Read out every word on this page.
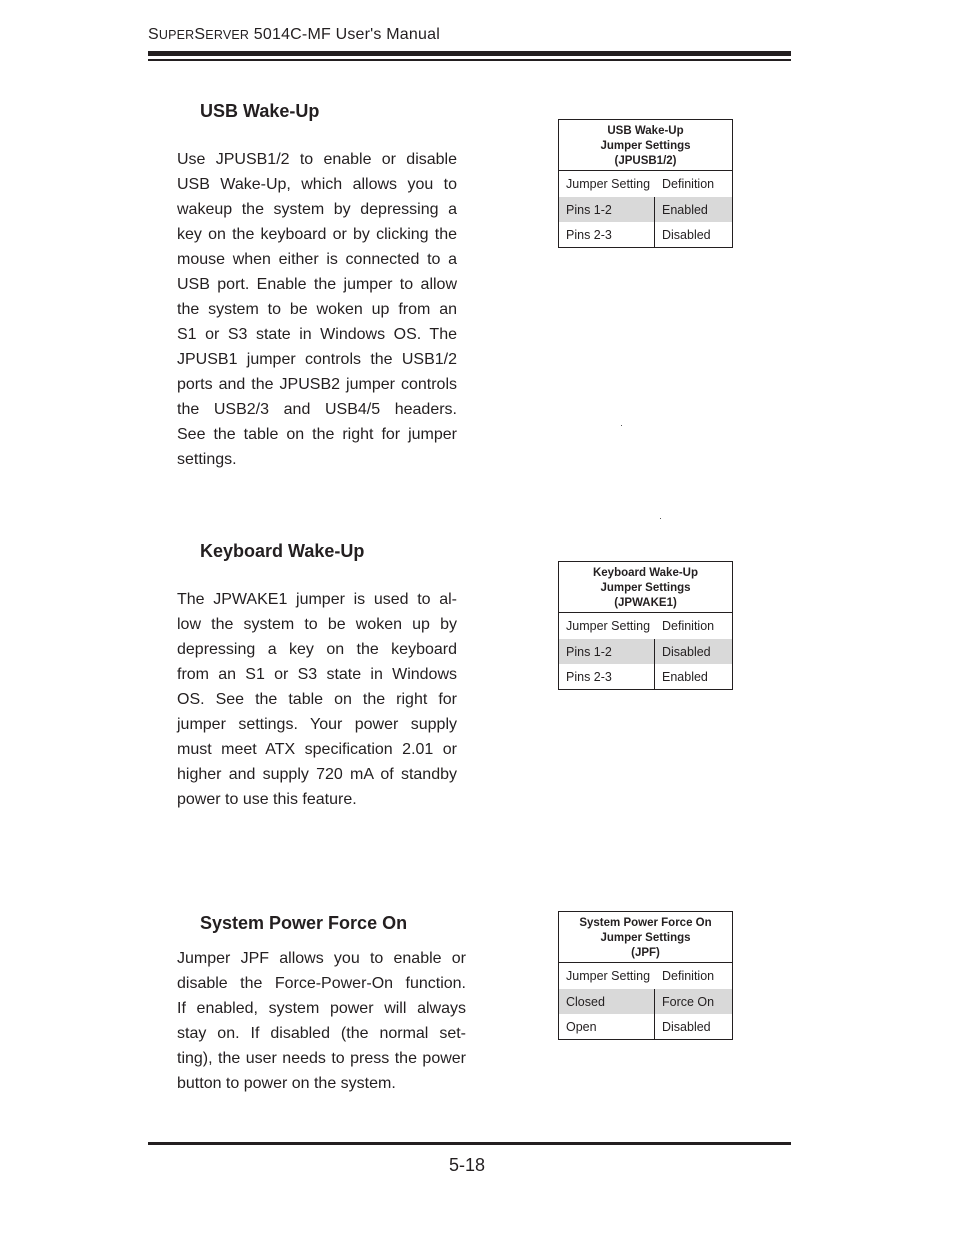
SUPERSERVER 5014C-MF User's Manual
USB Wake-Up
Use JPUSB1/2 to enable or disable
USB Wake-Up, which allows you to
wakeup the system by depressing a
key on the keyboard or by clicking the
mouse when either is connected to a
USB port. Enable the jumper to allow
the system to be woken up from an
S1 or S3 state in Windows OS. The
JPUSB1 jumper controls the USB1/2
ports and the JPUSB2 jumper controls
the USB2/3 and USB4/5 headers.
See the table on the right for jumper
settings.
USB Wake-Up
Jumper Settings
(JPUSB1/2)
Jumper Setting Definition
Pins 1-2	Enabled
Pins 2-3	Disabled
Keyboard Wake-Up
The JPWAKE1 jumper is used to al-
low the system to be woken up by
depressing a key on the keyboard
from an S1 or S3 state in Windows
OS. See the table on the right for
jumper settings. Your power supply
must meet ATX specification 2.01 or
higher and supply 720 mA of standby
power to use this feature.
Keyboard Wake-Up
Jumper Settings
(JPWAKE1)
Jumper Setting Definition
Pins 1-2	Disabled
Pins 2-3	Enabled
System Power Force On
Jumper JPF allows you to enable or
disable the Force-Power-On function.
If enabled, system power will always
stay on. If disabled (the normal set-
ting), the user needs to press the power
button to power on the system.
System Power Force On
Jumper Settings
(JPF)
Jumper Setting Definition
Closed	Force On
Open	Disabled
5-18
